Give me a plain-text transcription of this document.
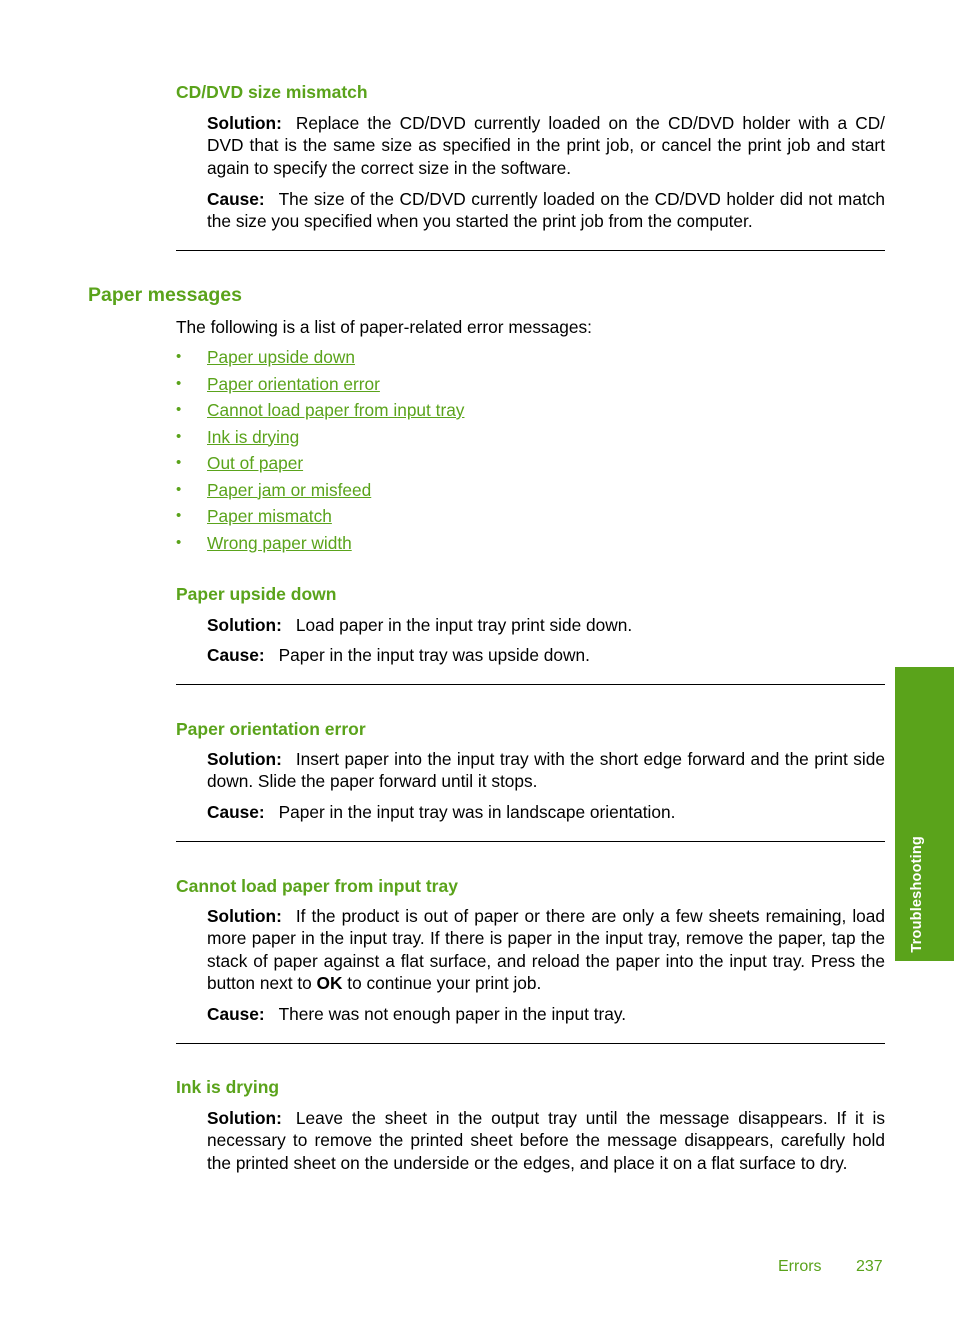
CD/DVD size mismatch

Solution: Replace the CD/DVD currently loaded on the CD/DVD holder with a CD/ DVD that is the same size as specified in the print job, or cancel the print job and start again to specify the correct size in the software.

Cause: The size of the CD/DVD currently loaded on the CD/DVD holder did not match the size you specified when you started the print job from the computer.

Paper messages

The following is a list of paper-related error messages:

• Paper upside down
• Paper orientation error
• Cannot load paper from input tray
• Ink is drying
• Out of paper
• Paper jam or misfeed
• Paper mismatch
• Wrong paper width
Paper upside down

Solution: Load paper in the input tray print side down.

Cause: Paper in the input tray was upside down.

Paper orientation error

Solution: Insert paper into the input tray with the short edge forward and the print side down. Slide the paper forward until it stops.

Cause: Paper in the input tray was in landscape orientation.

Cannot load paper from input tray

Solution: If the product is out of paper or there are only a few sheets remaining, load more paper in the input tray. If there is paper in the input tray, remove the paper, tap the stack of paper against a flat surface, and reload the paper into the input tray. Press the button next to OK to continue your print job.

Cause: There was not enough paper in the input tray.

Ink is drying

Solution: Leave the sheet in the output tray until the message disappears. If it is necessary to remove the printed sheet before the message disappears, carefully hold the printed sheet on the underside or the edges, and place it on a flat surface to dry.

Troubleshooting
Errors 237
